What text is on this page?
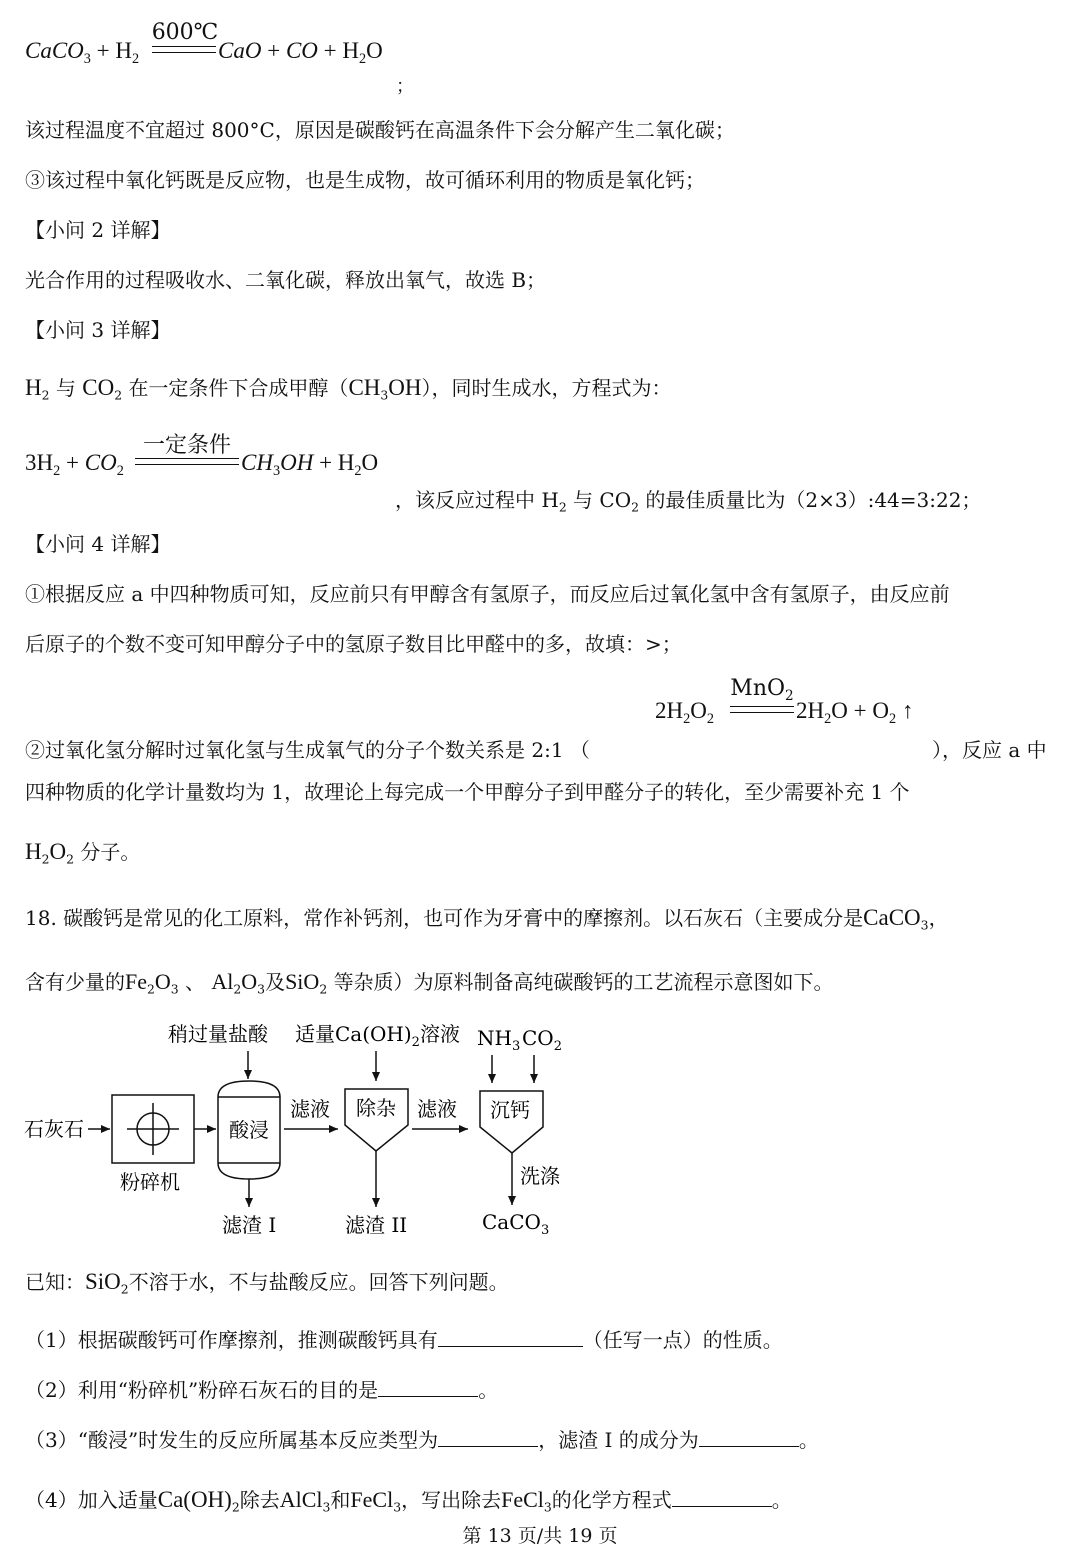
600℃
CaCO$_3$ + $H_2$	CaO + CO + $H_2O$
；
该过程温度不宜超过 800°C，原因是碳酸钙在高温条件下会分解产生二氧化碳；
③该过程中氧化钙既是反应物，也是生成物，故可循环利用的物质是氧化钙；
【小问 2 详解】
光合作用的过程吸收水、二氧化碳，释放出氧气，故选 B；
【小问 3 详解】
$H_2$ 与 $CO_2$ 在一定条件下合成甲醇$(CH_3OH)$，同时生成水，方程式为：
一定条件
$3H_2 + CO_2$	$CH_3OH + H_2O$
，该反应过程中 $H_2$ 与 $CO_2$ 的最佳质量比为（2×3）:44=3:22；
【小问 4 详解】
①根据反应 a 中四种物质可知，反应前只有甲醇含有氢原子，而反应后过氧化氢中含有氢原子，由反应前
后原子的个数不变可知甲醇分子中的氢原子数目比甲醛中的多，故填：>；
MnO$_2$
$2H_2O_2$	$2H_2O + O_2$ ↑
②过氧化氢分解时过氧化氢与生成氧气的分子个数关系是 2:1 （	），反应 a 中
四种物质的化学计量数均为 1，故理论上每完成一个甲醇分子到甲醛分子的转化，至少需要补充 1 个
$H_2O_2$ 分子。
18. 碳酸钙是常见的化工原料，常作补钙剂，也可作为牙膏中的摩擦剂。以石灰石（主要成分是CaCO$_3$，
含有少量的$Fe_2O_3$ 、 $Al_2O_3$及SiO$_2$ 等杂质）为原料制备高纯碳酸钙的工艺流程示意图如下。
稍过量盐酸 适量$Ca(OH)_2$溶液 $NH_3$ $CO_2$
石灰石
粉碎机
酸浸
滤渣 I
滤液 除杂
滤渣 II
滤液 沉钙
洗涤
CaCO$_3$
已知：SiO$_2$不溶于水，不与盐酸反应。回答下列问题。
（1）根据碳酸钙可作摩擦剂，推测碳酸钙具有	（任写一点）的性质。
（2）利用“粉碎机”粉碎石灰石的目的是	。
（3）“酸浸”时发生的反应所属基本反应类型为	，滤渣 I 的成分为	。
（4）加入适量$Ca(OH)_2$除去AlCl$_3$和FeCl$_3$，写出除去FeCl$_3$的化学方程式	。
第 13 页/共 19 页
